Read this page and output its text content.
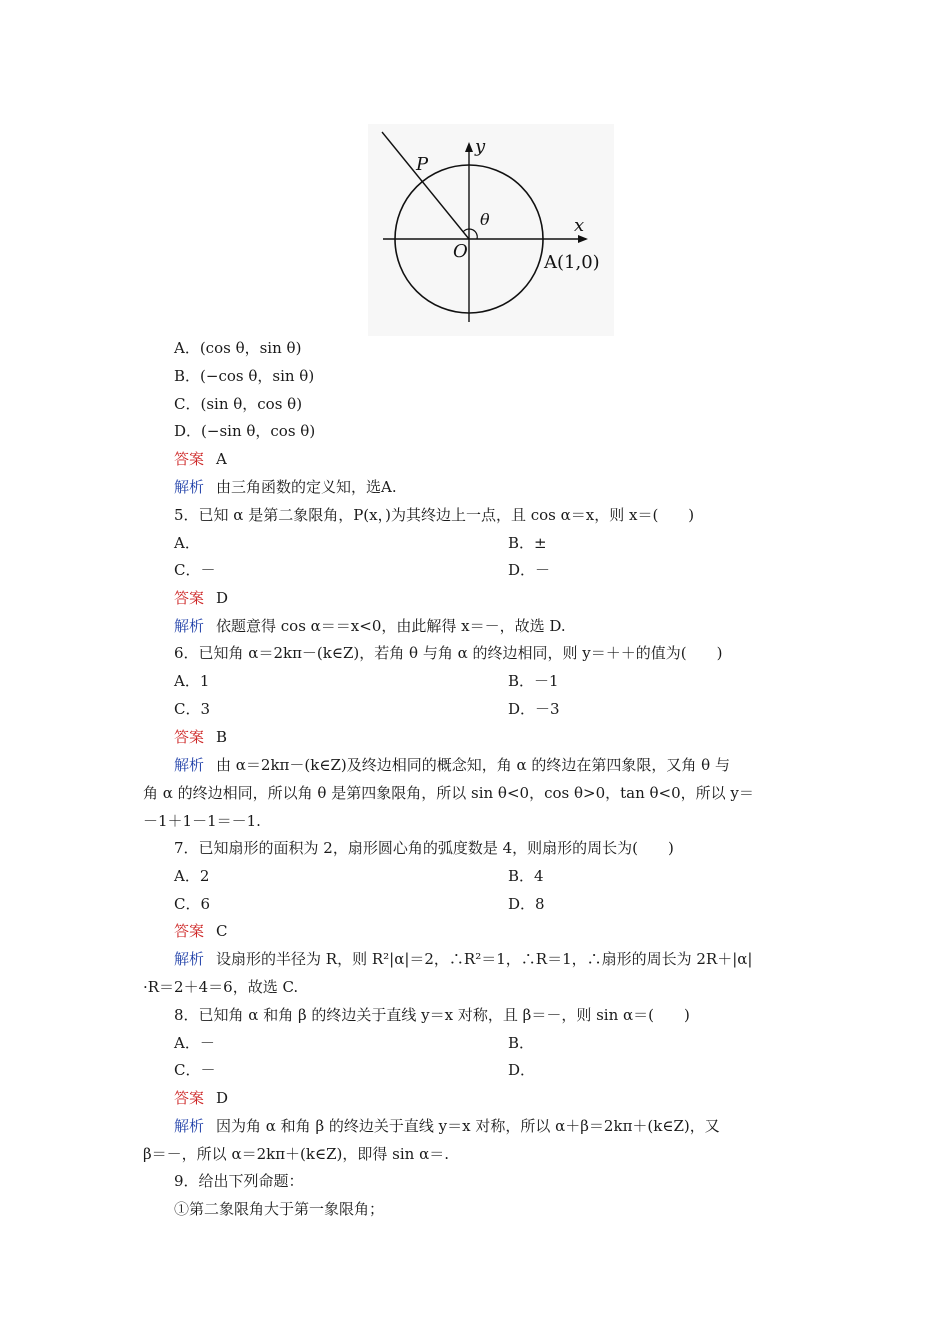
P
y
x
θ
O
A(1,0)
A．(cos θ，sin θ)
B．(−cos θ，sin θ)
C．(sin θ，cos θ)
D．(−sin θ，cos θ)
答案 A
解析 由三角函数的定义知，选A.
5．已知 α 是第二象限角，P(x，)为其终边上一点，且 cos α＝x，则 x＝(　　)
A．	B．±
C．－	D．－
答案 D
解析 依题意得 cos α＝＝x<0，由此解得 x＝－，故选 D.
6．已知角 α＝2kπ－(k∈Z)，若角 θ 与角 α 的终边相同，则 y＝＋＋的值为(　　)
A．1	B．－1
C．3	D．－3
答案 B
解析 由 α＝2kπ－(k∈Z)及终边相同的概念知，角 α 的终边在第四象限，又角 θ 与
角 α 的终边相同，所以角 θ 是第四象限角，所以 sin θ<0，cos θ>0，tan θ<0，所以 y＝
－1＋1－1＝－1.
7．已知扇形的面积为 2，扇形圆心角的弧度数是 4，则扇形的周长为(　　)
A．2	B．4
C．6	D．8
答案 C
解析 设扇形的半径为 R，则 R²|α|＝2，∴R²＝1，∴R＝1，∴扇形的周长为 2R＋|α|
·R＝2＋4＝6，故选 C.
8．已知角 α 和角 β 的终边关于直线 y＝x 对称，且 β＝－，则 sin α＝(　　)
A．－	B．
C．－	D．
答案 D
解析 因为角 α 和角 β 的终边关于直线 y＝x 对称，所以 α＋β＝2kπ＋(k∈Z)，又
β＝－，所以 α＝2kπ＋(k∈Z)，即得 sin α＝.
9．给出下列命题：
①第二象限角大于第一象限角；
